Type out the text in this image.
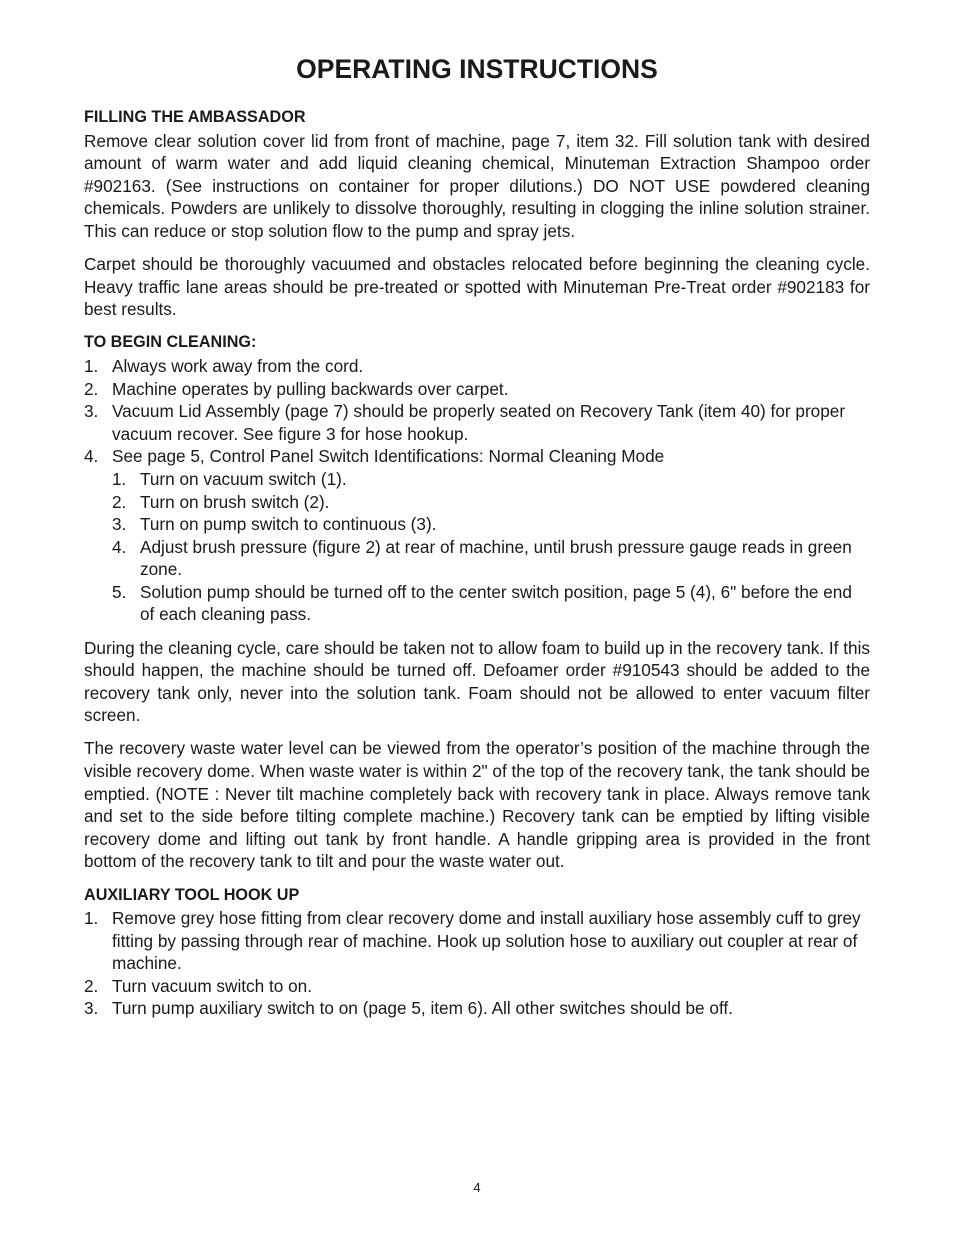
OPERATING INSTRUCTIONS
FILLING THE AMBASSADOR

Remove clear solution cover lid from front of machine, page 7, item 32. Fill solution tank with desired amount of warm water and add liquid cleaning chemical, Minuteman Extraction Shampoo order #902163. (See instructions on container for proper dilutions.) DO NOT USE powdered cleaning chemicals. Powders are unlikely to dissolve thoroughly, resulting in clogging the inline solution strainer. This can reduce or stop solution flow to the pump and spray jets.

Carpet should be thoroughly vacuumed and obstacles relocated before beginning the cleaning cycle. Heavy traffic lane areas should be pre-treated or spotted with Minuteman Pre-Treat order #902183 for best results.

TO BEGIN CLEANING:
1. Always work away from the cord.
2. Machine operates by pulling backwards over carpet.
3. Vacuum Lid Assembly (page 7) should be properly seated on Recovery Tank (item 40) for proper vacuum recover. See figure 3 for hose hookup.
4. See page 5, Control Panel Switch Identifications: Normal Cleaning Mode
1. Turn on vacuum switch (1).
2. Turn on brush switch (2).
3. Turn on pump switch to continuous (3).
4. Adjust brush pressure (figure 2) at rear of machine, until brush pressure gauge reads in green zone.
5. Solution pump should be turned off to the center switch position, page 5 (4), 6" before the end of each cleaning pass.

During the cleaning cycle, care should be taken not to allow foam to build up in the recovery tank. If this should happen, the machine should be turned off. Defoamer order #910543 should be added to the recovery tank only, never into the solution tank. Foam should not be allowed to enter vacuum filter screen.

The recovery waste water level can be viewed from the operator’s position of the machine through the visible recovery dome. When waste water is within 2" of the top of the recovery tank, the tank should be emptied. (NOTE : Never tilt machine completely back with recovery tank in place. Always remove tank and set to the side before tilting complete machine.) Recovery tank can be emptied by lifting visible recovery dome and lifting out tank by front handle. A handle gripping area is provided in the front bottom of the recovery tank to tilt and pour the waste water out.

AUXILIARY TOOL HOOK UP
1. Remove grey hose fitting from clear recovery dome and install auxiliary hose assembly cuff to grey fitting by passing through rear of machine. Hook up solution hose to auxiliary out coupler at rear of machine.
2. Turn vacuum switch to on.
3. Turn pump auxiliary switch to on (page 5, item 6). All other switches should be off.
4
